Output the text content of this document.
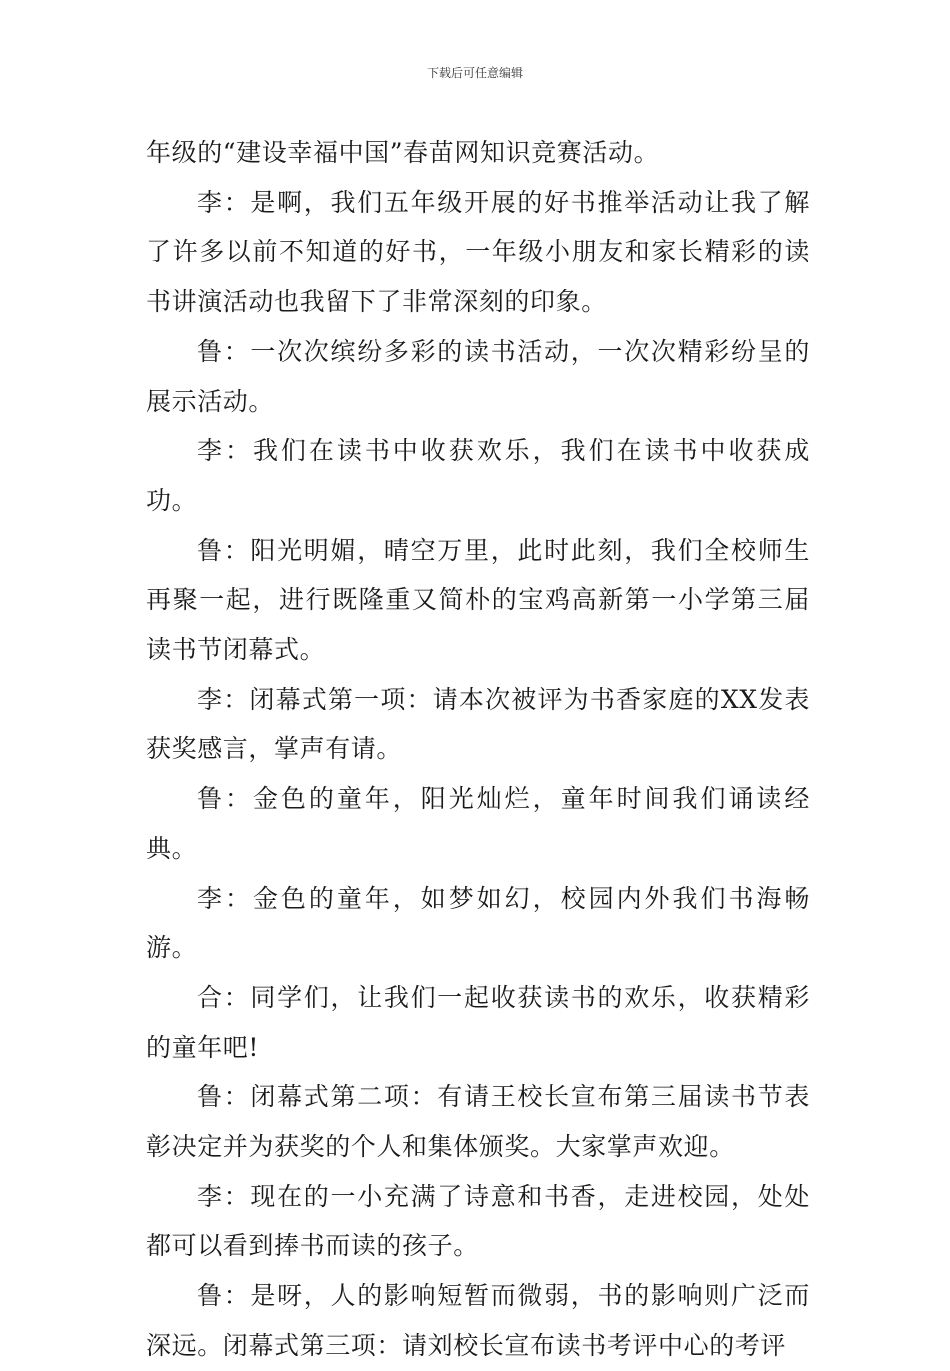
下载后可任意编辑

年级的“建设幸福中国”春苗网知识竞赛活动。

李：是啊，我们五年级开展的好书推举活动让我了解了许多以前不知道的好书，一年级小朋友和家长精彩的读书讲演活动也我留下了非常深刻的印象。

鲁：一次次缤纷多彩的读书活动，一次次精彩纷呈的展示活动。

李：我们在读书中收获欢乐，我们在读书中收获成功。

鲁：阳光明媚，晴空万里，此时此刻，我们全校师生再聚一起，进行既隆重又简朴的宝鸡高新第一小学第三届读书节闭幕式。

李：闭幕式第一项：请本次被评为书香家庭的XX发表获奖感言，掌声有请。

鲁：金色的童年，阳光灿烂，童年时间我们诵读经典。

李：金色的童年，如梦如幻，校园内外我们书海畅游。

合：同学们，让我们一起收获读书的欢乐，收获精彩的童年吧!

鲁：闭幕式第二项：有请王校长宣布第三届读书节表彰决定并为获奖的个人和集体颁奖。大家掌声欢迎。

李：现在的一小充满了诗意和书香，走进校园，处处都可以看到捧书而读的孩子。

鲁：是呀，人的影响短暂而微弱，书的影响则广泛而深远。闭幕式第三项：请刘校长宣布读书考评中心的考评
